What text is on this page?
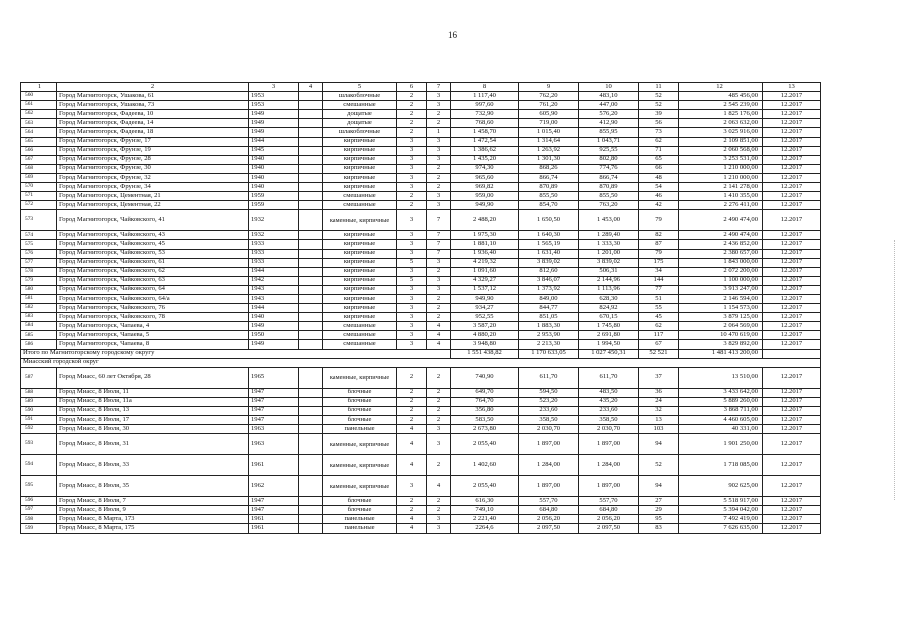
16
1	2	3	4	5	6	7	8	9	10	11	12	13
560	Город Магнитогорск, Ушакова, 61	1953		шлакоблочные	2	3	1 117,40	762,20	483,10	52	485 456,00	12.2017
561	Город Магнитогорск, Ушакова, 73	1953		смешанные	2	3	997,60	761,20	447,00	52	2 545 239,00	12.2017
562	Город Магнитогорск, Фадеева, 10	1949		дощатые	2	2	732,90	605,90	576,20	39	1 825 176,00	12.2017
563	Город Магнитогорск, Фадеева, 14	1949		дощатые	2	2	768,60	719,00	412,90	56	2 063 632,00	12.2017
564	Город Магнитогорск, Фадеева, 18	1949		шлакоблочные	2	1	1 458,70	1 015,40	855,95	73	3 025 916,00	12.2017
565	Город Магнитогорск, Фрунзе, 17	1944		кирпичные	3	3	1 472,54	1 314,64	1 043,71	62	2 109 851,00	12.2017
566	Город Магнитогорск, Фрунзе, 19	1945		кирпичные	3	3	1 386,62	1 263,92	925,55	71	2 060 568,00	12.2017
567	Город Магнитогорск, Фрунзе, 28	1940		кирпичные	3	3	1 435,20	1 301,30	802,80	65	3 253 531,00	12.2017
568	Город Магнитогорск, Фрунзе, 30	1940		кирпичные	3	2	974,30	868,26	774,76	66	1 210 000,00	12.2017
569	Город Магнитогорск, Фрунзе, 32	1940		кирпичные	3	2	965,60	866,74	866,74	48	1 210 000,00	12.2017
570	Город Магнитогорск, Фрунзе, 34	1940		кирпичные	3	2	969,82	870,89	870,89	54	2 141 278,00	12.2017
571	Город Магнитогорск, Цементная, 21	1959		смешанные	2	3	959,00	855,50	855,50	46	1 410 355,00	12.2017
572	Город Магнитогорск, Цементная, 22	1959		смешанные	2	3	949,90	854,70	763,20	42	2 276 411,00	12.2017
573	Город Магнитогорск, Чайковского, 41	1932		каменные, кирпичные	3	7	2 488,20	1 650,50	1 453,00	79	2 490 474,00	12.2017
574	Город Магнитогорск, Чайковского, 43	1932		кирпичные	3	7	1 975,30	1 640,30	1 289,40	82	2 490 474,00	12.2017
575	Город Магнитогорск, Чайковского, 45	1933		кирпичные	3	7	1 881,10	1 565,19	1 333,30	87	2 436 852,00	12.2017
576	Город Магнитогорск, Чайковского, 53	1933		кирпичные	3	7	1 936,40	1 631,40	1 201,00	79	2 380 657,00	12.2017
577	Город Магнитогорск, Чайковского, 61	1933		кирпичные	5	3	4 219,32	3 839,02	3 839,02	175	1 843 000,00	12.2017
578	Город Магнитогорск, Чайковского, 62	1944		кирпичные	3	2	1 091,60	812,60	506,31	34	2 072 200,00	12.2017
579	Город Магнитогорск, Чайковского, 63	1942		кирпичные	5	3	4 329,27	3 846,07	2 144,96	144	1 100 000,00	12.2017
580	Город Магнитогорск, Чайковского, 64	1943		кирпичные	3	3	1 537,12	1 373,92	1 113,96	77	3 913 247,00	12.2017
581	Город Магнитогорск, Чайковского, 64/а	1943		кирпичные	3	2	949,90	849,00	628,30	51	2 146 594,00	12.2017
582	Город Магнитогорск, Чайковского, 76	1944		кирпичные	3	2	934,27	844,77	824,92	55	1 154 573,00	12.2017
583	Город Магнитогорск, Чайковского, 78	1940		кирпичные	3	2	952,55	851,05	670,15	45	3 879 125,00	12.2017
584	Город Магнитогорск, Чапаева, 4	1949		смешанные	3	4	3 587,20	1 883,30	1 745,80	62	2 064 569,00	12.2017
585	Город Магнитогорск, Чапаева, 5	1950		смешанные	3	4	4 880,20	2 953,90	2 691,80	117	10 470 619,00	12.2017
586	Город Магнитогорск, Чапаева, 8	1949		смешанные	3	4	3 948,80	2 213,30	1 994,50	67	3 829 892,00	12.2017
Итого по Магнитогорскому городскому округу							1 551 438,82	1 170 633,05	1 027 450,31	52 521	1 481 413 200,00	
Миасский городской округ												
587	Город Миасс, 60 лет Октября, 28	1965		каменные, кирпичные	2	2	740,90	611,70	611,70	37	13 510,00	12.2017
588	Город Миасс, 8 Июля, 11	1947		блочные	2	2	649,70	594,50	483,50	36	3 433 642,00	12.2017
589	Город Миасс, 8 Июля, 11а	1947		блочные	2	2	764,70	523,20	435,20	24	5 889 260,00	12.2017
590	Город Миасс, 8 Июля, 13	1947		блочные	2	2	356,80	233,60	233,60	32	3 868 711,00	12.2017
591	Город Миасс, 8 Июля, 17	1947		блочные	2	2	583,50	358,50	358,50	13	4 460 605,00	12.2017
592	Город Миасс, 8 Июля, 30	1963		панельные	4	3	2 673,80	2 030,70	2 030,70	103	40 331,00	12.2017
593	Город Миасс, 8 Июля, 31	1963		каменные, кирпичные	4	3	2 055,40	1 897,00	1 897,00	94	1 901 250,00	12.2017
594	Город Миасс, 8 Июля, 33	1961		каменные, кирпичные	4	2	1 402,60	1 284,00	1 284,00	52	1 718 085,00	12.2017
595	Город Миасс, 8 Июля, 35	1962		каменные, кирпичные	3	4	2 055,40	1 897,00	1 897,00	94	902 625,00	12.2017
596	Город Миасс, 8 Июля, 7	1947		блочные	2	2	616,30	557,70	557,70	27	5 518 917,00	12.2017
597	Город Миасс, 8 Июля, 9	1947		блочные	2	2	749,10	684,80	684,80	29	5 394 042,00	12.2017
598	Город Миасс, 8 Марта, 173	1961		панельные	4	3	2 221,40	2 056,20	2 056,20	95	7 492 419,00	12.2017
599	Город Миасс, 8 Марта, 175	1961		панельные	4	3	2264,6	2 097,50	2 097,50	83	7 626 635,00	12.2017
